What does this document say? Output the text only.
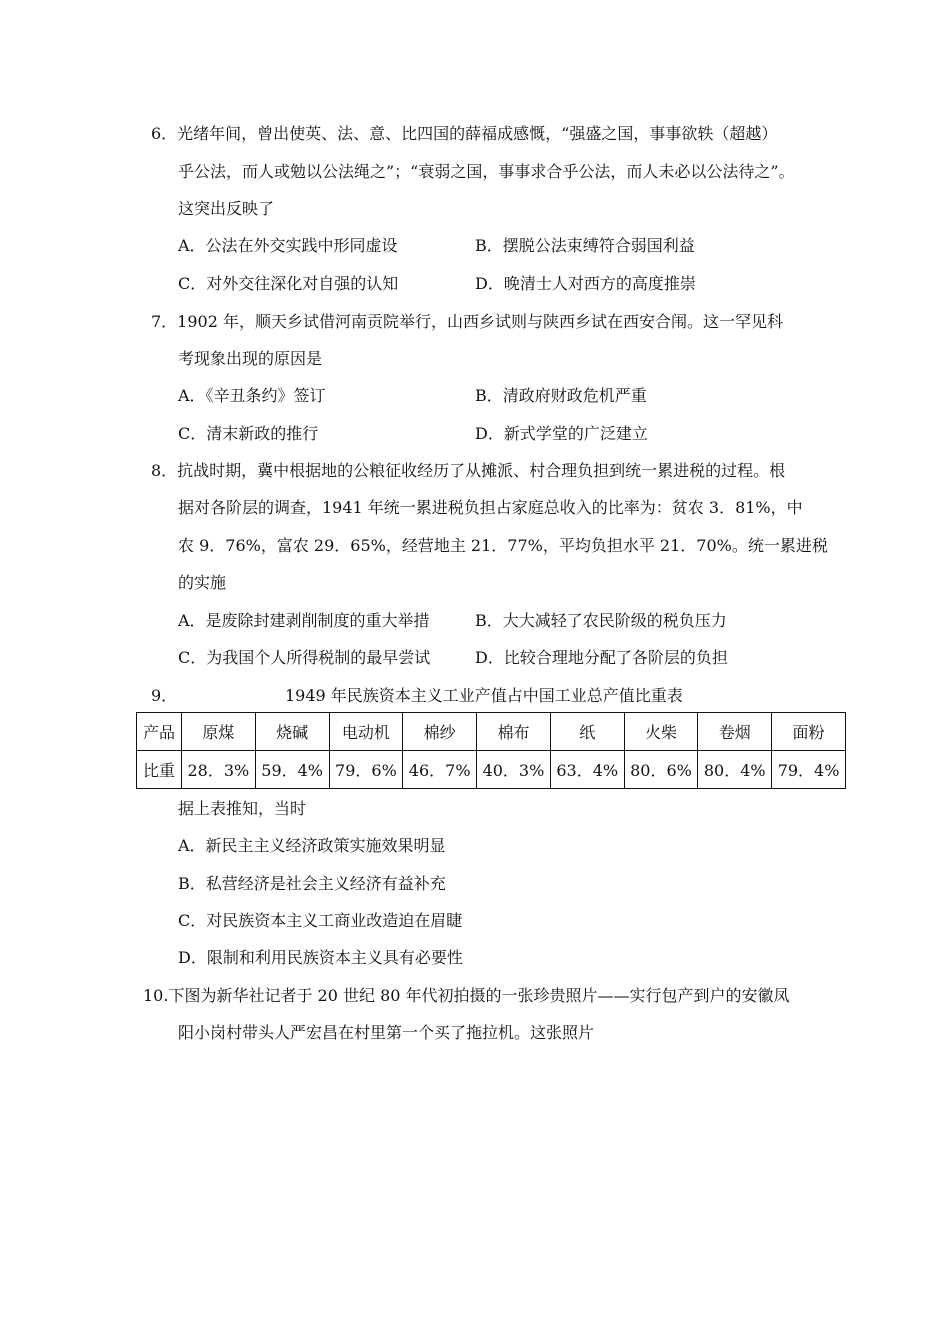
6．光绪年间，曾出使英、法、意、比四国的薛福成感慨，“强盛之国，事事欲轶（超越）
乎公法，而人或勉以公法绳之”；“衰弱之国，事事求合乎公法，而人未必以公法待之”。
这突出反映了
A．公法在外交实践中形同虚设	B．摆脱公法束缚符合弱国利益
C．对外交往深化对自强的认知	D．晚清士人对西方的高度推崇
7．1902 年，顺天乡试借河南贡院举行，山西乡试则与陕西乡试在西安合闱。这一罕见科
考现象出现的原因是
A．《辛丑条约》签订	B．清政府财政危机严重
C．清末新政的推行	D．新式学堂的广泛建立
8．抗战时期，冀中根据地的公粮征收经历了从摊派、村合理负担到统一累进税的过程。根
据对各阶层的调查，1941 年统一累进税负担占家庭总收入的比率为：贫农 3．81%，中
农 9．76%，富农 29．65%，经营地主 21．77%，平均负担水平 21．70%。统一累进税
的实施
A．是废除封建剥削制度的重大举措	B．大大减轻了农民阶级的税负压力
C．为我国个人所得税制的最早尝试	D．比较合理地分配了各阶层的负担
9．	1949 年民族资本主义工业产值占中国工业总产值比重表
产品	原煤	烧碱	电动机	棉纱	棉布	纸	火柴	卷烟	面粉
比重	28．3%	59．4%	79．6%	46．7%	40．3%	63．4%	80．6%	80．4%	79．4%
据上表推知，当时
A．新民主主义经济政策实施效果明显
B．私营经济是社会主义经济有益补充
C．对民族资本主义工商业改造迫在眉睫
D．限制和利用民族资本主义具有必要性
10.下图为新华社记者于 20 世纪 80 年代初拍摄的一张珍贵照片——实行包产到户的安徽凤
阳小岗村带头人严宏昌在村里第一个买了拖拉机。这张照片
